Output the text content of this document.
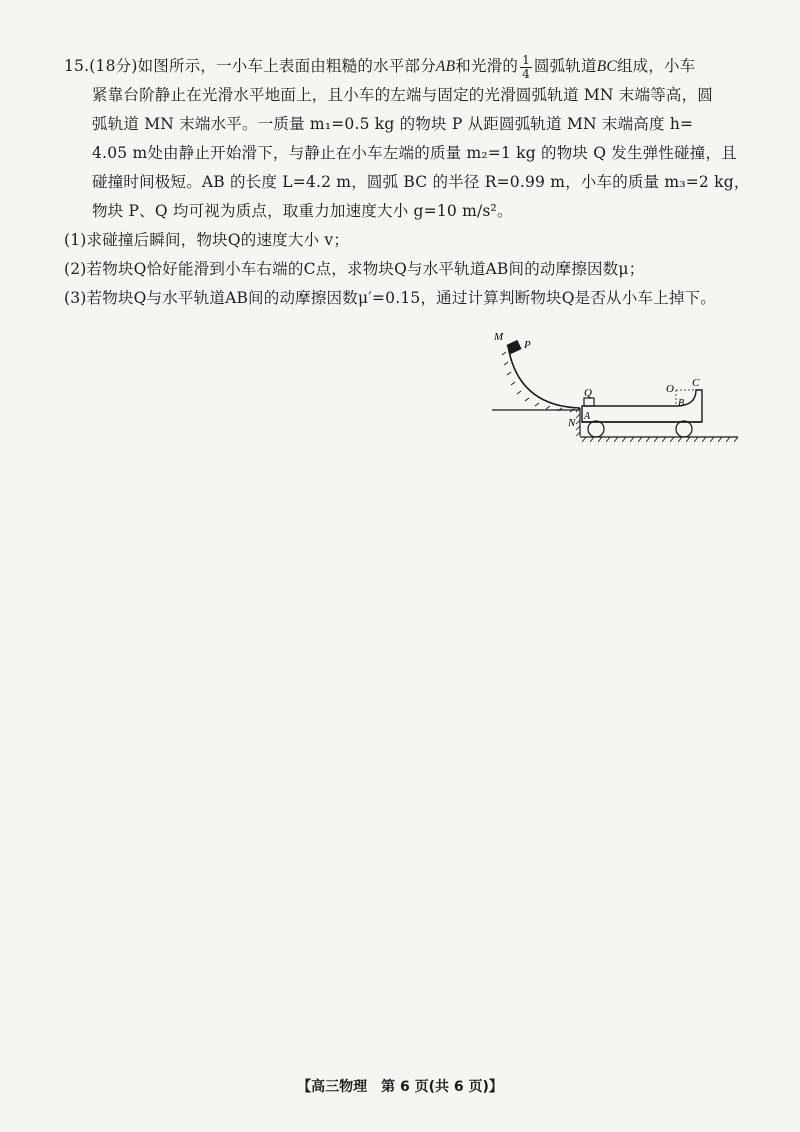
15.(18分)如图所示，一小车上表面由粗糙的水平部分AB和光滑的 $\frac{1}{4}$ 圆弧轨道BC组成，小车

紧靠台阶静止在光滑水平地面上，且小车的左端与固定的光滑圆弧轨道 MN 末端等高，圆

弧轨道 MN 末端水平。一质量 m₁=0.5 kg 的物块 P 从距圆弧轨道 MN 末端高度 h=

4.05 m处由静止开始滑下，与静止在小车左端的质量 m₂=1 kg 的物块 Q 发生弹性碰撞，且

碰撞时间极短。AB 的长度 L=4.2 m，圆弧 BC 的半径 R=0.99 m，小车的质量 m₃=2 kg，

物块 P、Q 均可视为质点，取重力加速度大小 g=10 m/s²。

(1)求碰撞后瞬间，物块Q的速度大小 v；

(2)若物块Q恰好能滑到小车右端的C点，求物块Q与水平轨道AB间的动摩擦因数μ；

(3)若物块Q与水平轨道AB间的动摩擦因数μ′=0.15，通过计算判断物块Q是否从小车上掉下。

M
P
Q
N
A
O
B
C
【高三物理　第 6 页(共 6 页)】
